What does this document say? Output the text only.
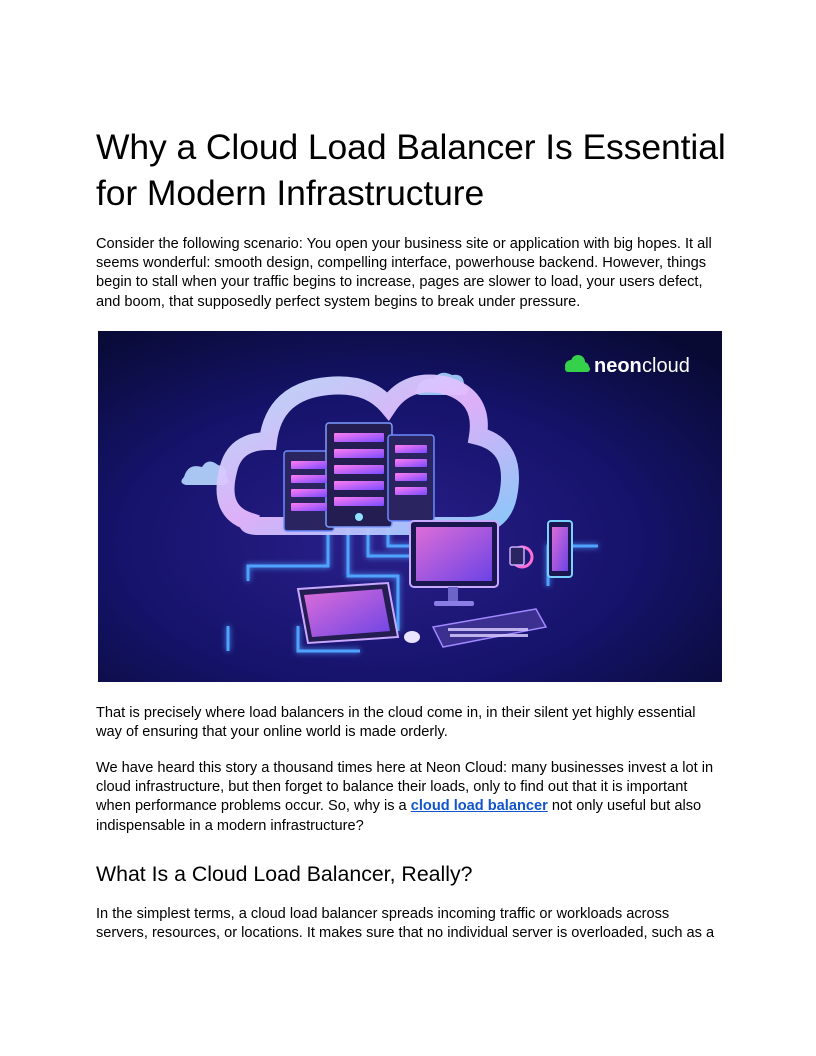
Why a Cloud Load Balancer Is Essential for Modern Infrastructure

Consider the following scenario: You open your business site or application with big hopes. It all seems wonderful: smooth design, compelling interface, powerhouse backend. However, things begin to stall when your traffic begins to increase, pages are slower to load, your users defect, and boom, that supposedly perfect system begins to break under pressure.

neon cloud

That is precisely where load balancers in the cloud come in, in their silent yet highly essential way of ensuring that your online world is made orderly.

We have heard this story a thousand times here at Neon Cloud: many businesses invest a lot in cloud infrastructure, but then forget to balance their loads, only to find out that it is important when performance problems occur. So, why is a cloud load balancer not only useful but also indispensable in a modern infrastructure?

What Is a Cloud Load Balancer, Really?

In the simplest terms, a cloud load balancer spreads incoming traffic or workloads across servers, resources, or locations. It makes sure that no individual server is overloaded, such as a
